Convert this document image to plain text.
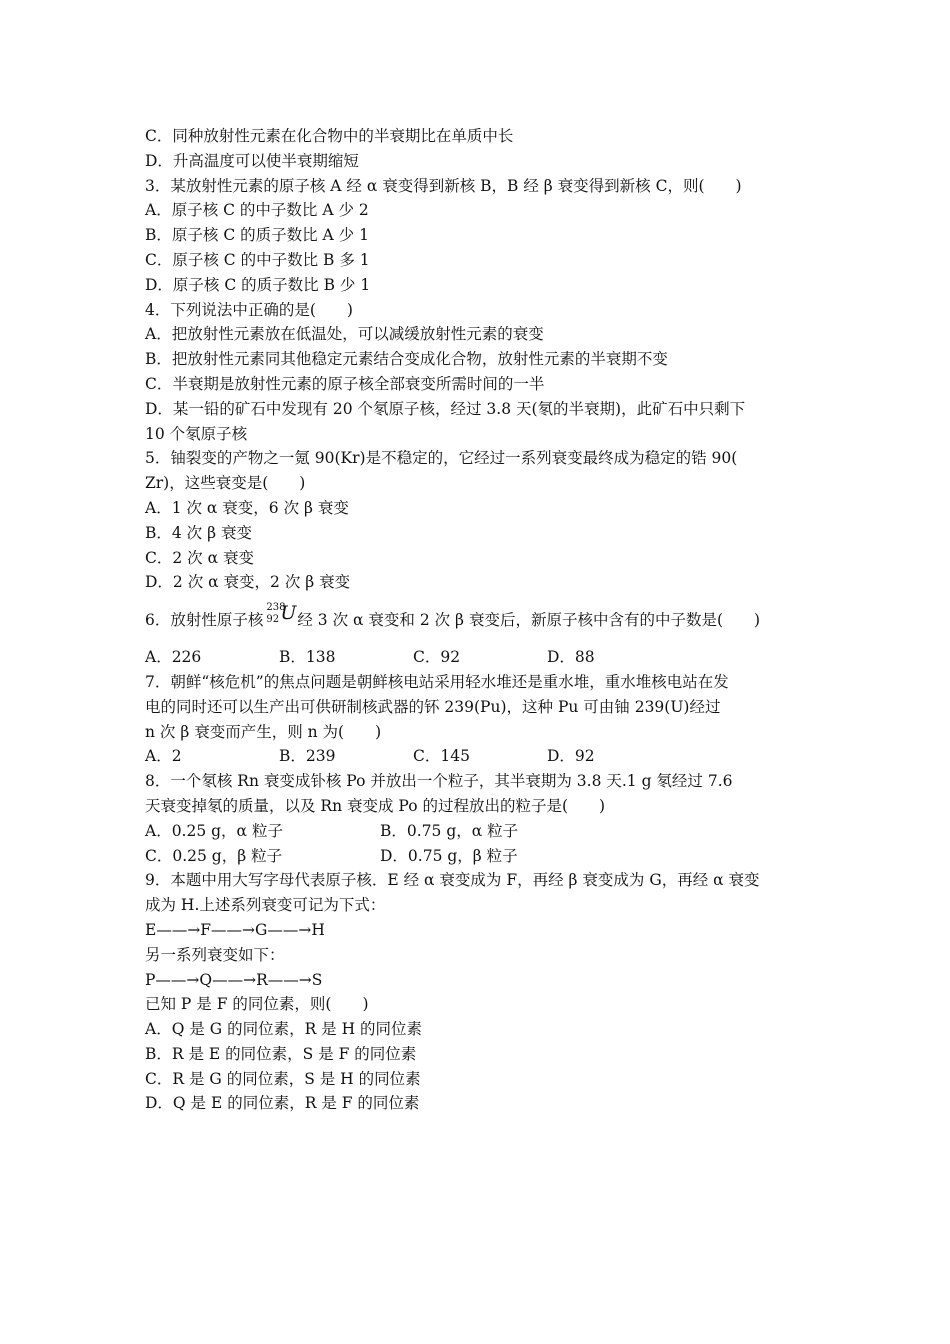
C．同种放射性元素在化合物中的半衰期比在单质中长
D．升高温度可以使半衰期缩短
3．某放射性元素的原子核 A 经 α 衰变得到新核 B，B 经 β 衰变得到新核 C，则(　　)
A．原子核 C 的中子数比 A 少 2
B．原子核 C 的质子数比 A 少 1
C．原子核 C 的中子数比 B 多 1
D．原子核 C 的质子数比 B 少 1
4．下列说法中正确的是(　　)
A．把放射性元素放在低温处，可以减缓放射性元素的衰变
B．把放射性元素同其他稳定元素结合变成化合物，放射性元素的半衰期不变
C．半衰期是放射性元素的原子核全部衰变所需时间的一半
D．某一铅的矿石中发现有 20 个氡原子核，经过 3.8 天(氡的半衰期)，此矿石中只剩下
10 个氡原子核
5．铀裂变的产物之一氪 90(Kr)是不稳定的，它经过一系列衰变最终成为稳定的锆 90(
Zr)，这些衰变是(　　)
A．1 次 α 衰变，6 次 β 衰变
B．4 次 β 衰变
C．2 次 α 衰变
D．2 次 α 衰变，2 次 β 衰变
6．放射性原子核
238
92 U 经 3 次 α 衰变和 2 次 β 衰变后，新原子核中含有的中子数是(　　)
A．226	B．138	C．92	D．88
7．朝鲜“核危机”的焦点问题是朝鲜核电站采用轻水堆还是重水堆，重水堆核电站在发
电的同时还可以生产出可供研制核武器的钚 239(Pu)，这种 Pu 可由铀 239(U)经过
n 次 β 衰变而产生，则 n 为(　　)
A．2	B．239	C．145	D．92
8．一个氡核 Rn 衰变成钋核 Po 并放出一个粒子，其半衰期为 3.8 天.1 g 氡经过 7.6
天衰变掉氡的质量，以及 Rn 衰变成 Po 的过程放出的粒子是(　　)
A．0.25 g，α 粒子	B．0.75 g，α 粒子
C．0.25 g，β 粒子	D．0.75 g，β 粒子
9．本题中用大写字母代表原子核．E 经 α 衰变成为 F，再经 β 衰变成为 G，再经 α 衰变
成为 H.上述系列衰变可记为下式：
E——→F——→G——→H
另一系列衰变如下：
P——→Q——→R——→S
已知 P 是 F 的同位素，则(　　)
A．Q 是 G 的同位素，R 是 H 的同位素
B．R 是 E 的同位素，S 是 F 的同位素
C．R 是 G 的同位素，S 是 H 的同位素
D．Q 是 E 的同位素，R 是 F 的同位素
